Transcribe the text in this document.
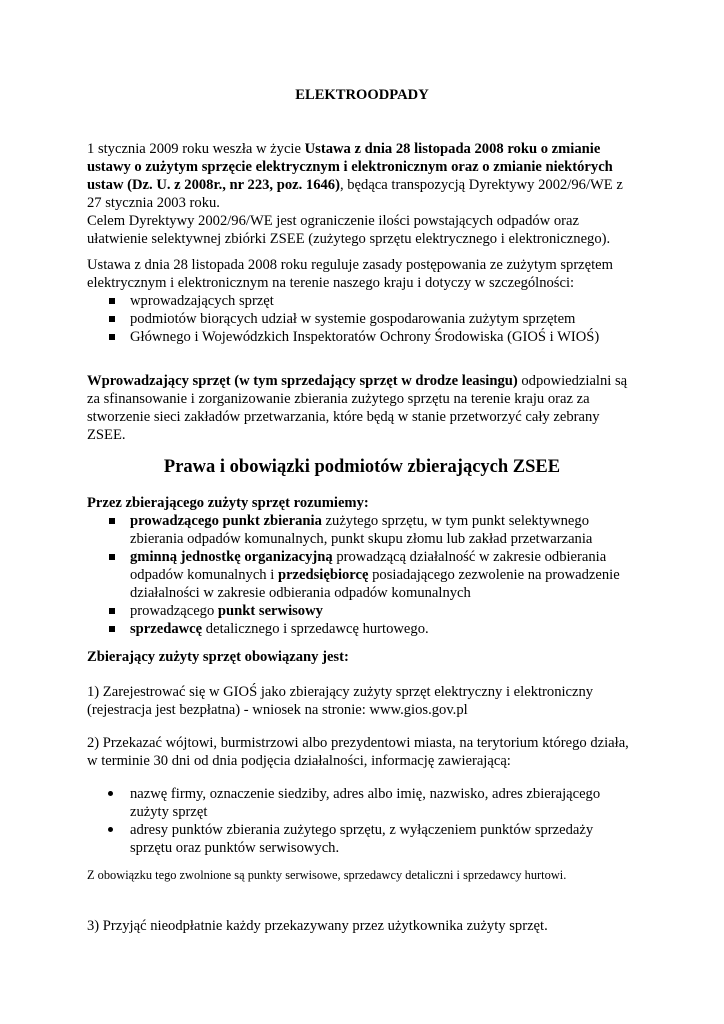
ELEKTROODPADY

1 stycznia 2009 roku weszła w życie Ustawa z dnia 28 listopada 2008 roku o zmianie ustawy o zużytym sprzęcie elektrycznym i elektronicznym oraz o zmianie niektórych ustaw (Dz. U. z 2008r., nr 223, poz. 1646), będąca transpozycją Dyrektywy 2002/96/WE z 27 stycznia 2003 roku.

Celem Dyrektywy 2002/96/WE jest ograniczenie ilości powstających odpadów oraz ułatwienie selektywnej zbiórki ZSEE (zużytego sprzętu elektrycznego i elektronicznego).

Ustawa z dnia 28 listopada 2008 roku reguluje zasady postępowania ze zużytym sprzętem elektrycznym i elektronicznym na terenie naszego kraju i dotyczy w szczególności:

wprowadzających sprzęt
podmiotów biorących udział w systemie gospodarowania zużytym sprzętem
Głównego i Wojewódzkich Inspektoratów Ochrony Środowiska (GIOŚ i WIOŚ)

Wprowadzający sprzęt (w tym sprzedający sprzęt w drodze leasingu) odpowiedzialni są za sfinansowanie i zorganizowanie zbierania zużytego sprzętu na terenie kraju oraz za stworzenie sieci zakładów przetwarzania, które będą w stanie przetworzyć cały zebrany ZSEE.

Prawa i obowiązki podmiotów zbierających ZSEE

Przez zbierającego zużyty sprzęt rozumiemy:

prowadzącego punkt zbierania zużytego sprzętu, w tym punkt selektywnego zbierania odpadów komunalnych, punkt skupu złomu lub zakład przetwarzania
gminną jednostkę organizacyjną prowadzącą działalność w zakresie odbierania odpadów komunalnych i przedsiębiorcę posiadającego zezwolenie na prowadzenie działalności w zakresie odbierania odpadów komunalnych
prowadzącego punkt serwisowy
sprzedawcę detalicznego i sprzedawcę hurtowego.

Zbierający zużyty sprzęt obowiązany jest:

1) Zarejestrować się w GIOŚ jako zbierający zużyty sprzęt elektryczny i elektroniczny (rejestracja jest bezpłatna) - wniosek na stronie: www.gios.gov.pl

2) Przekazać wójtowi, burmistrzowi albo prezydentowi miasta, na terytorium którego działa, w terminie 30 dni od dnia podjęcia działalności, informację zawierającą:

nazwę firmy, oznaczenie siedziby, adres albo imię, nazwisko, adres zbierającego zużyty sprzęt
adresy punktów zbierania zużytego sprzętu, z wyłączeniem punktów sprzedaży sprzętu oraz punktów serwisowych.

Z obowiązku tego zwolnione są punkty serwisowe, sprzedawcy detaliczni i sprzedawcy hurtowi.

3) Przyjąć nieodpłatnie każdy przekazywany przez użytkownika zużyty sprzęt.
